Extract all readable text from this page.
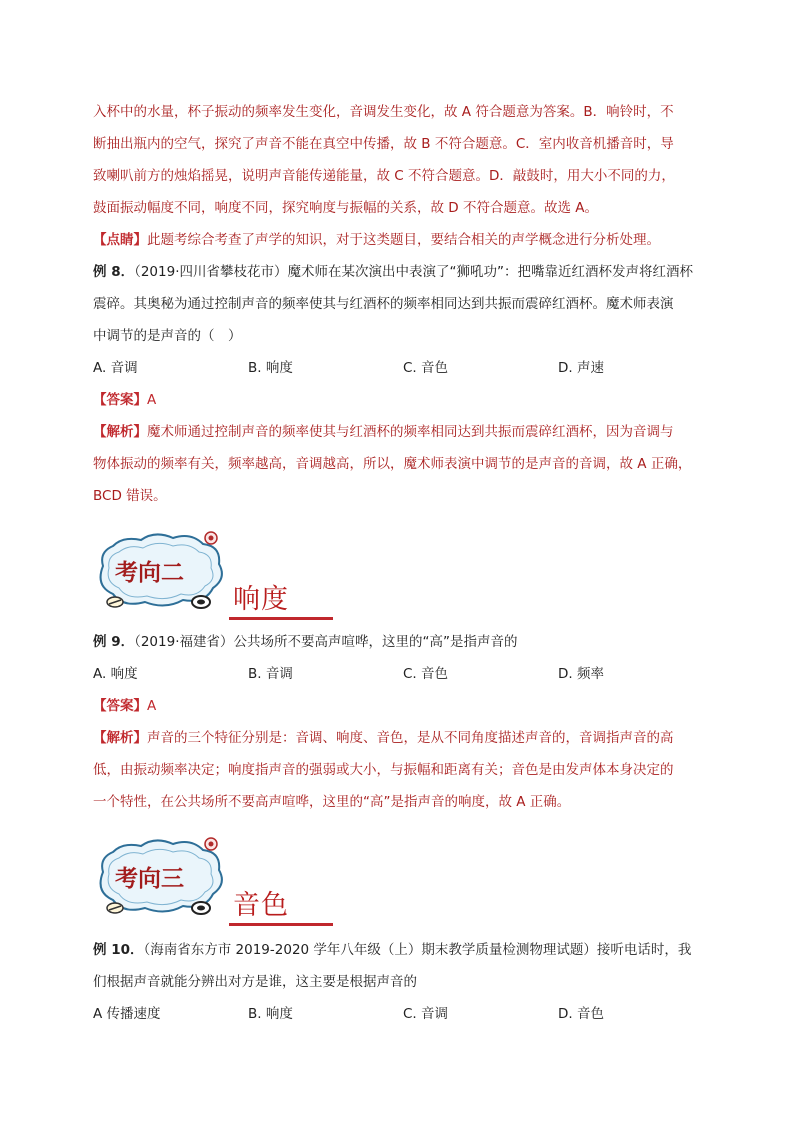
入杯中的水量，杯子振动的频率发生变化，音调发生变化，故 A 符合题意为答案。B．响铃时，不

断抽出瓶内的空气，探究了声音不能在真空中传播，故 B 不符合题意。C．室内收音机播音时，导

致喇叭前方的烛焰摇晃，说明声音能传递能量，故 C 不符合题意。D．敲鼓时，用大小不同的力，

鼓面振动幅度不同，响度不同，探究响度与振幅的关系，故 D 不符合题意。故选 A。

【点睛】此题考综合考查了声学的知识，对于这类题目，要结合相关的声学概念进行分析处理。

例 8．（2019·四川省攀枝花市）魔术师在某次演出中表演了“狮吼功”：把嘴靠近红酒杯发声将红酒杯

震碎。其奥秘为通过控制声音的频率使其与红酒杯的频率相同达到共振而震碎红酒杯。魔术师表演

中调节的是声音的（　）

A. 音调	B. 响度	C. 音色	D. 声速

【答案】A

【解析】魔术师通过控制声音的频率使其与红酒杯的频率相同达到共振而震碎红酒杯，因为音调与

物体振动的频率有关，频率越高，音调越高，所以，魔术师表演中调节的是声音的音调，故 A 正确，

BCD 错误。

考向二
响度

例 9．（2019·福建省）公共场所不要高声喧哗，这里的“高”是指声音的

A. 响度	B. 音调	C. 音色	D. 频率

【答案】A

【解析】声音的三个特征分别是：音调、响度、音色，是从不同角度描述声音的，音调指声音的高

低，由振动频率决定；响度指声音的强弱或大小，与振幅和距离有关；音色是由发声体本身决定的

一个特性，在公共场所不要高声喧哗，这里的“高”是指声音的响度，故 A 正确。

考向三
音色

例 10．（海南省东方市 2019-2020 学年八年级（上）期末教学质量检测物理试题）接听电话时，我

们根据声音就能分辨出对方是谁，这主要是根据声音的

A 传播速度	B. 响度	C. 音调	D. 音色
